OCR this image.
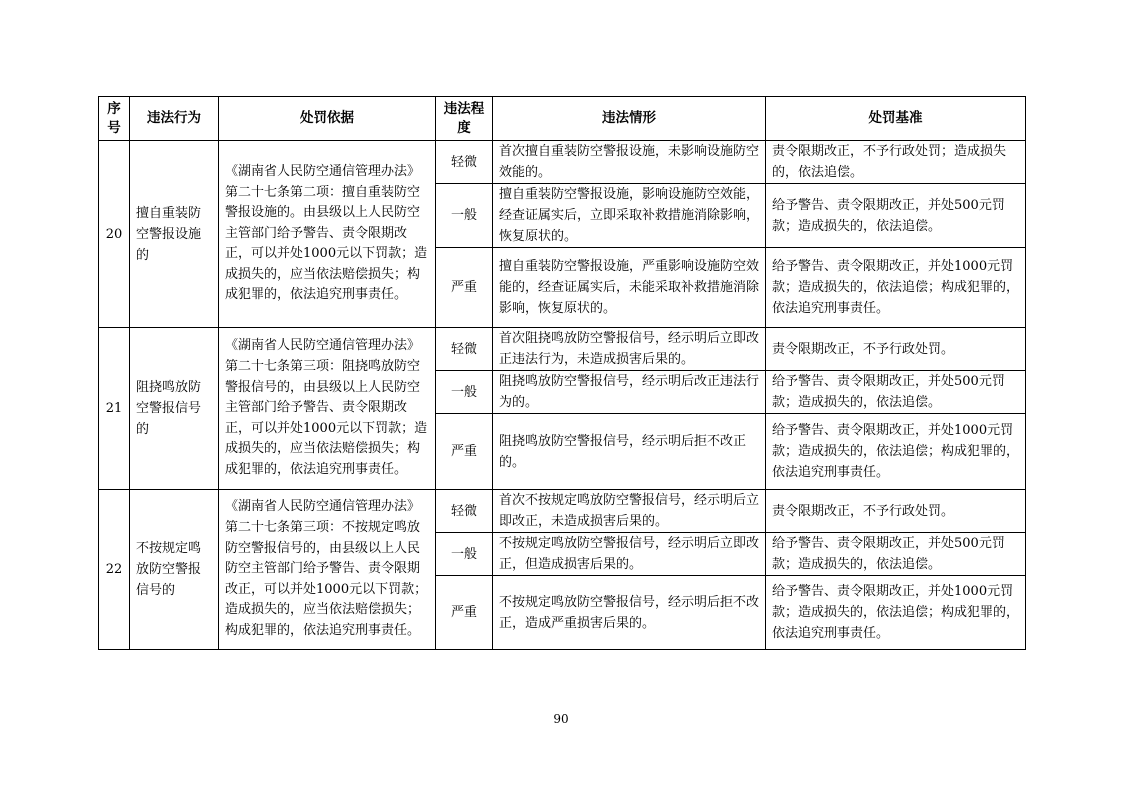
序号	违法行为	处罚依据	违法程度	违法情形	处罚基准
20	擅自重装防空警报设施的	《湖南省人民防空通信管理办法》第二十七条第二项：擅自重装防空警报设施的。由县级以上人民防空主管部门给予警告、责令限期改正，可以并处1000元以下罚款；造成损失的，应当依法赔偿损失；构成犯罪的，依法追究刑事责任。	轻微	首次擅自重装防空警报设施，未影响设施防空效能的。	责令限期改正，不予行政处罚；造成损失的，依法追偿。
			一般	擅自重装防空警报设施，影响设施防空效能，经查证属实后，立即采取补救措施消除影响，恢复原状的。	给予警告、责令限期改正，并处500元罚款；造成损失的，依法追偿。
			严重	擅自重装防空警报设施，严重影响设施防空效能的，经查证属实后，未能采取补救措施消除影响，恢复原状的。	给予警告、责令限期改正，并处1000元罚款；造成损失的，依法追偿；构成犯罪的，依法追究刑事责任。
21	阻挠鸣放防空警报信号的	《湖南省人民防空通信管理办法》第二十七条第三项：阻挠鸣放防空警报信号的，由县级以上人民防空主管部门给予警告、责令限期改正，可以并处1000元以下罚款；造成损失的，应当依法赔偿损失；构成犯罪的，依法追究刑事责任。	轻微	首次阻挠鸣放防空警报信号，经示明后立即改正违法行为，未造成损害后果的。	责令限期改正，不予行政处罚。
			一般	阻挠鸣放防空警报信号，经示明后改正违法行为的。	给予警告、责令限期改正，并处500元罚款；造成损失的，依法追偿。
			严重	阻挠鸣放防空警报信号，经示明后拒不改正的。	给予警告、责令限期改正，并处1000元罚款；造成损失的，依法追偿；构成犯罪的，依法追究刑事责任。
22	不按规定鸣放防空警报信号的	《湖南省人民防空通信管理办法》第二十七条第三项：不按规定鸣放防空警报信号的，由县级以上人民防空主管部门给予警告、责令限期改正，可以并处1000元以下罚款；造成损失的，应当依法赔偿损失；构成犯罪的，依法追究刑事责任。	轻微	首次不按规定鸣放防空警报信号，经示明后立即改正，未造成损害后果的。	责令限期改正，不予行政处罚。
			一般	不按规定鸣放防空警报信号，经示明后立即改正，但造成损害后果的。	给予警告、责令限期改正，并处500元罚款；造成损失的，依法追偿。
			严重	不按规定鸣放防空警报信号，经示明后拒不改正，造成严重损害后果的。	给予警告、责令限期改正，并处1000元罚款；造成损失的，依法追偿；构成犯罪的，依法追究刑事责任。
90
